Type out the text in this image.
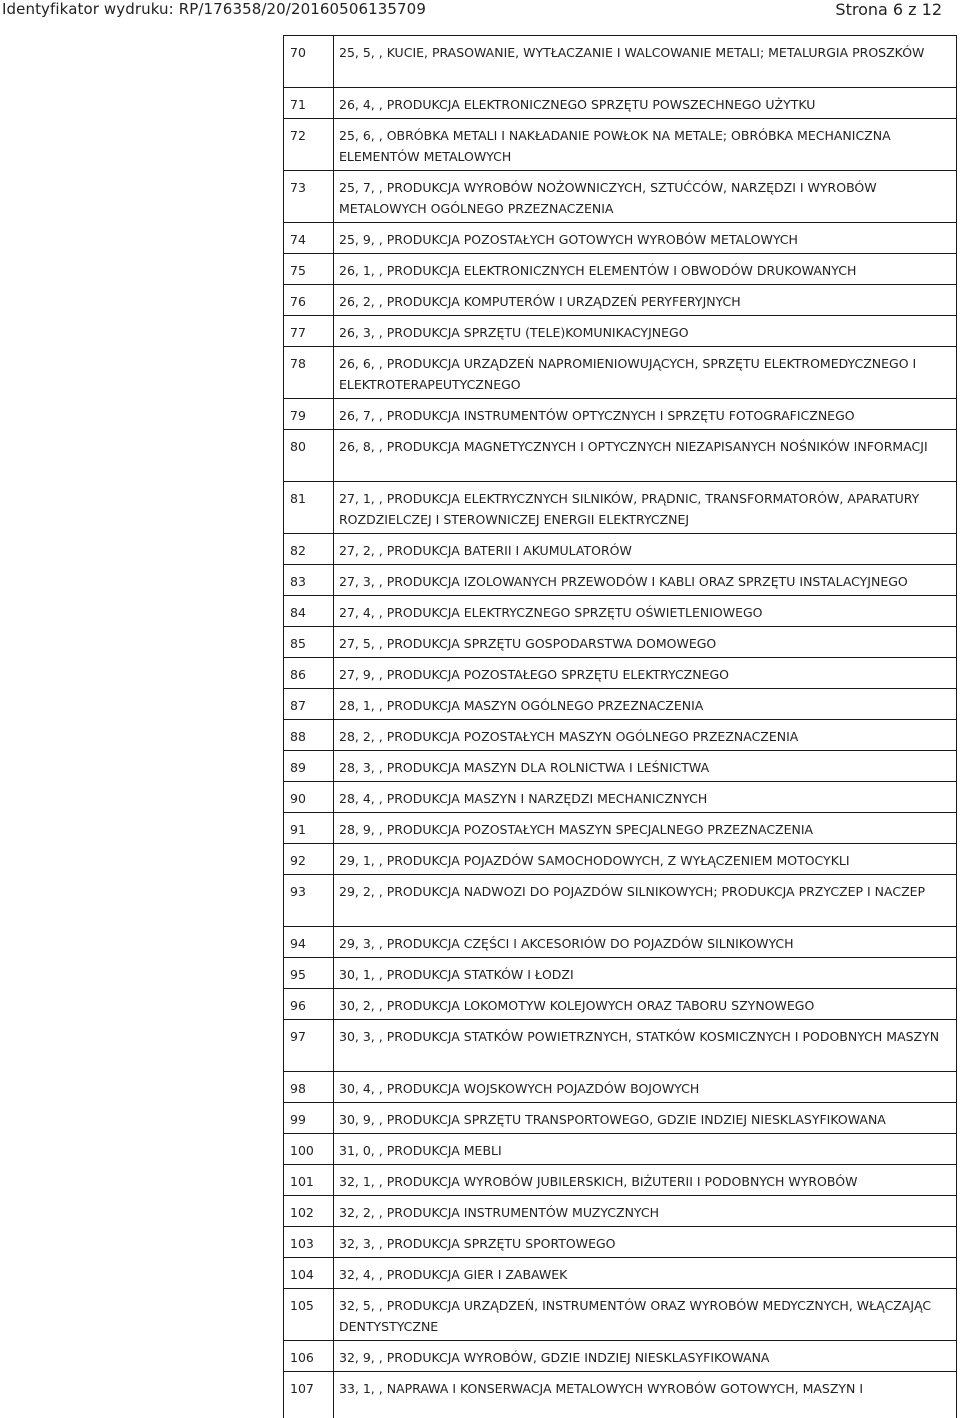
Identyfikator wydruku: RP/176358/20/20160506135709	Strona 6 z 12
70	25, 5, , KUCIE, PRASOWANIE, WYTŁACZANIE I WALCOWANIE METALI; METALURGIA PROSZKÓW
71	26, 4, , PRODUKCJA ELEKTRONICZNEGO SPRZĘTU POWSZECHNEGO UŻYTKU
72	25, 6, , OBRÓBKA METALI I NAKŁADANIE POWŁOK NA METALE; OBRÓBKA MECHANICZNA ELEMENTÓW METALOWYCH
73	25, 7, , PRODUKCJA WYROBÓW NOŻOWNICZYCH, SZTUĆCÓW, NARZĘDZI I WYROBÓW METALOWYCH OGÓLNEGO PRZEZNACZENIA
74	25, 9, , PRODUKCJA POZOSTAŁYCH GOTOWYCH WYROBÓW METALOWYCH
75	26, 1, , PRODUKCJA ELEKTRONICZNYCH ELEMENTÓW I OBWODÓW DRUKOWANYCH
76	26, 2, , PRODUKCJA KOMPUTERÓW I URZĄDZEŃ PERYFERYJNYCH
77	26, 3, , PRODUKCJA SPRZĘTU (TELE)KOMUNIKACYJNEGO
78	26, 6, , PRODUKCJA URZĄDZEŃ NAPROMIENIOWUJĄCYCH, SPRZĘTU ELEKTROMEDYCZNEGO I ELEKTROTERAPEUTYCZNEGO
79	26, 7, , PRODUKCJA INSTRUMENTÓW OPTYCZNYCH I SPRZĘTU FOTOGRAFICZNEGO
80	26, 8, , PRODUKCJA MAGNETYCZNYCH I OPTYCZNYCH NIEZAPISANYCH NOŚNIKÓW INFORMACJI
81	27, 1, , PRODUKCJA ELEKTRYCZNYCH SILNIKÓW, PRĄDNIC, TRANSFORMATORÓW, APARATURY ROZDZIELCZEJ I STEROWNICZEJ ENERGII ELEKTRYCZNEJ
82	27, 2, , PRODUKCJA BATERII I AKUMULATORÓW
83	27, 3, , PRODUKCJA IZOLOWANYCH PRZEWODÓW I KABLI ORAZ SPRZĘTU INSTALACYJNEGO
84	27, 4, , PRODUKCJA ELEKTRYCZNEGO SPRZĘTU OŚWIETLENIOWEGO
85	27, 5, , PRODUKCJA SPRZĘTU GOSPODARSTWA DOMOWEGO
86	27, 9, , PRODUKCJA POZOSTAŁEGO SPRZĘTU ELEKTRYCZNEGO
87	28, 1, , PRODUKCJA MASZYN OGÓLNEGO PRZEZNACZENIA
88	28, 2, , PRODUKCJA POZOSTAŁYCH MASZYN OGÓLNEGO PRZEZNACZENIA
89	28, 3, , PRODUKCJA MASZYN DLA ROLNICTWA I LEŚNICTWA
90	28, 4, , PRODUKCJA MASZYN I NARZĘDZI MECHANICZNYCH
91	28, 9, , PRODUKCJA POZOSTAŁYCH MASZYN SPECJALNEGO PRZEZNACZENIA
92	29, 1, , PRODUKCJA POJAZDÓW SAMOCHODOWYCH, Z WYŁĄCZENIEM MOTOCYKLI
93	29, 2, , PRODUKCJA NADWOZI DO POJAZDÓW SILNIKOWYCH; PRODUKCJA PRZYCZEP I NACZEP
94	29, 3, , PRODUKCJA CZĘŚCI I AKCESORIÓW DO POJAZDÓW SILNIKOWYCH
95	30, 1, , PRODUKCJA STATKÓW I ŁODZI
96	30, 2, , PRODUKCJA LOKOMOTYW KOLEJOWYCH ORAZ TABORU SZYNOWEGO
97	30, 3, , PRODUKCJA STATKÓW POWIETRZNYCH, STATKÓW KOSMICZNYCH I PODOBNYCH MASZYN
98	30, 4, , PRODUKCJA WOJSKOWYCH POJAZDÓW BOJOWYCH
99	30, 9, , PRODUKCJA SPRZĘTU TRANSPORTOWEGO, GDZIE INDZIEJ NIESKLASYFIKOWANA
100 31, 0, , PRODUKCJA MEBLI
101 32, 1, , PRODUKCJA WYROBÓW JUBILERSKICH, BIŻUTERII I PODOBNYCH WYROBÓW
102 32, 2, , PRODUKCJA INSTRUMENTÓW MUZYCZNYCH
103 32, 3, , PRODUKCJA SPRZĘTU SPORTOWEGO
104 32, 4, , PRODUKCJA GIER I ZABAWEK
105 32, 5, , PRODUKCJA URZĄDZEŃ, INSTRUMENTÓW ORAZ WYROBÓW MEDYCZNYCH, WŁĄCZAJĄC DENTYSTYCZNE
106 32, 9, , PRODUKCJA WYROBÓW, GDZIE INDZIEJ NIESKLASYFIKOWANA
107 33, 1, , NAPRAWA I KONSERWACJA METALOWYCH WYROBÓW GOTOWYCH, MASZYN I
